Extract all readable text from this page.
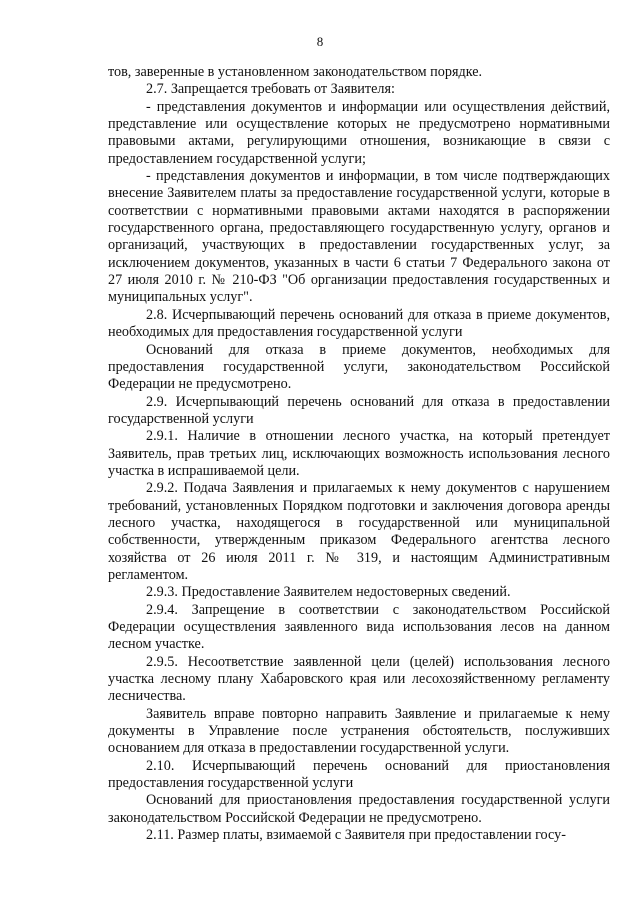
8

тов, заверенные в установленном законодательством порядке.

2.7. Запрещается требовать от Заявителя:

- представления документов и информации или осуществления действий, представление или осуществление которых не предусмотрено нормативными правовыми актами, регулирующими отношения, возникающие в связи с предоставлением государственной услуги;

- представления документов и информации, в том числе подтверждающих внесение Заявителем платы за предоставление государственной услуги, которые в соответствии с нормативными правовыми актами находятся в распоряжении государственного органа, предоставляющего государственную услугу, органов и организаций, участвующих в предоставлении государственных услуг, за исключением документов, указанных в части 6 статьи 7 Федерального закона от 27 июля 2010 г. № 210-ФЗ "Об организации предоставления государственных и муниципальных услуг".

2.8. Исчерпывающий перечень оснований для отказа в приеме документов, необходимых для предоставления государственной услуги

Оснований для отказа в приеме документов, необходимых для предоставления государственной услуги, законодательством Российской Федерации не предусмотрено.

2.9. Исчерпывающий перечень оснований для отказа в предоставлении государственной услуги

2.9.1. Наличие в отношении лесного участка, на который претендует Заявитель, прав третьих лиц, исключающих возможность использования лесного участка в испрашиваемой цели.

2.9.2. Подача Заявления и прилагаемых к нему документов с нарушением требований, установленных Порядком подготовки и заключения договора аренды лесного участка, находящегося в государственной или муниципальной собственности, утвержденным приказом Федерального агентства лесного хозяйства от 26 июля 2011 г. № 319, и настоящим Административным регламентом.

2.9.3. Предоставление Заявителем недостоверных сведений.

2.9.4. Запрещение в соответствии с законодательством Российской Федерации осуществления заявленного вида использования лесов на данном лесном участке.

2.9.5. Несоответствие заявленной цели (целей) использования лесного участка лесному плану Хабаровского края или лесохозяйственному регламенту лесничества.

Заявитель вправе повторно направить Заявление и прилагаемые к нему документы в Управление после устранения обстоятельств, послуживших основанием для отказа в предоставлении государственной услуги.

2.10. Исчерпывающий перечень оснований для приостановления предоставления государственной услуги

Оснований для приостановления предоставления государственной услуги законодательством Российской Федерации не предусмотрено.

2.11. Размер платы, взимаемой с Заявителя при предоставлении госу-
